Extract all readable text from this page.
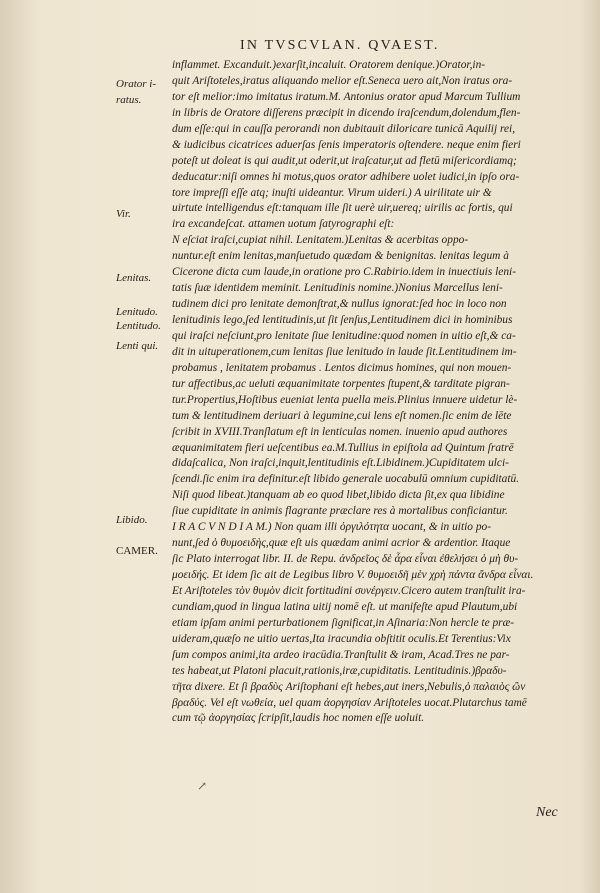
IN TVSCVLAN. QVAEST.
Orator i-
ratus.
Vir.
Lenitas.
Lenitudo.
Lentitudo.
Lenti qui.
Libido.
CAMER.
inflammet. Excanduit.)exarſit,incaluit. Oratorem denique.)Orator,in-
quit Ariſtoteles,iratus aliquando melior eſt.Seneca uero ait,Non iratus ora-
tor eſt melior:imo imitatus iratum.M. Antonius orator apud Marcum Tullium
in libris de Oratore diſſerens præcipit in dicendo iraſcendum,dolendum,flen-
dum eſſe:qui in cauſſa perorandi non dubitauit diloricare tunicā Aquilij rei,
& iudicibus cicatrices aduerſas ſenis imperatoris oſtendere. neque enim fieri
poteſt ut doleat is qui audit,ut oderit,ut iraſcatur,ut ad fletū miſericordiamq;
deducatur:niſi omnes hi motus,quos orator adhibere uolet iudici,in ipſo ora-
tore impreſſi eſſe atq; inuſti uideantur. Virum uideri.) A uirilitate uir &
uirtute intelligendus eſt:tanquam ille ſit uerè uir,uereq; uirilis ac fortis, qui
ira excandeſcat. attamen uotum ſatyrographi eſt:
N eſciat iraſci,cupiat nihil. Lenitatem.)Lenitas & acerbitas oppo-
nuntur.eſt enim lenitas,manſuetudo quædam & benignitas. lenitas legum à
Cicerone dicta cum laude,in oratione pro C.Rabirio.idem in inuectiuis leni-
tatis ſuæ identidem meminit. Lenitudinis nomine.)Nonius Marcellus leni-
tudinem dici pro lenitate demonſtrat,& nullus ignorat:ſed hoc in loco non
lenitudinis lego,ſed lentitudinis,ut ſit ſenſus,Lentitudinem dici in hominibus
qui iraſci neſciunt,pro lenitate ſiue lenitudine:quod nomen in uitio eſt,& ca-
dit in uituperationem,cum lenitas ſiue lenitudo in laude ſit.Lentitudinem im-
probamus , lenitatem probamus . Lentos dicimus homines, qui non mouen-
tur affectibus,ac ueluti æquanimitate torpentes ſtupent,& tarditate pigran-
tur.Propertius,Hoſtibus eueniat lenta puella meis.Plinius innuere uidetur lè-
tum & lentitudinem deriuari à legumine,cui lens eſt nomen.ſic enim de lēte
ſcribit in XVIII.Tranſlatum eſt in lenticulas nomen. inuenio apud authores
æquanimitatem fieri ueſcentibus ea.M.Tullius in epiſtola ad Quintum ſratrē
didaſcalica, Non iraſci,inquit,lentitudinis eſt.Libidinem.)Cupiditatem ulci-
ſcendi.ſic enim ira definitur.eſt libido generale uocabulū omnium cupiditatū.
Niſi quod libeat.)tanquam ab eo quod libet,libido dicta ſit,ex qua libidine
ſiue cupiditate in animis flagrante præclare res à mortalibus conficiantur.
I R A C V N D I A M.) Non quam illi ὀργιλότητα uocant, & in uitio po-
nunt,ſed ὁ θυμοειδὴς,quæ eſt uis quædam animi acrior & ardentior. Itaque
ſic Plato interrogat libr. II. de Repu. ἀνδρεῖος δὲ ἆρα εἶναι ἐθελήσει ὁ μὴ θυ-
μοειδής. Et idem ſic ait de Legibus libro V. θυμοειδῆ μὲν χρὴ πάντα ἄνδρα εἶναι.
Et Ariſtoteles τὸν θυμὸν dicit fortitudini συνέργειν.Cicero autem tranſtulit ira-
cundiam,quod in lingua latina uitij nomē eſt. ut manifeſte apud Plautum,ubi
etiam ipſam animi perturbationem ſignificat,in Aſinaria:Non hercle te præ-
uideram,quæſo ne uitio uertas,Ita iracundia obſtitit oculis.Et Terentius:Vix
ſum compos animi,ita ardeo iracūdia.Tranſtulit & iram, Acad.Tres ne par-
tes habeat,ut Platoni placuit,rationis,iræ,cupiditatis. Lentitudinis.)βραδυ-
τῆτα dixere. Et ſi βραδὺς Ariſtophani eſt hebes,aut iners,Nebulis,ὁ παλαιὸς ὢν
βραδύς. Vel eſt νωθεία, uel quam ἀοργησίαν Ariſtoteles uocat.Plutarchus tamē
cum τῷ ἀοργησίας ſcripſit,laudis hoc nomen eſſe uoluit.
↗
Nec
